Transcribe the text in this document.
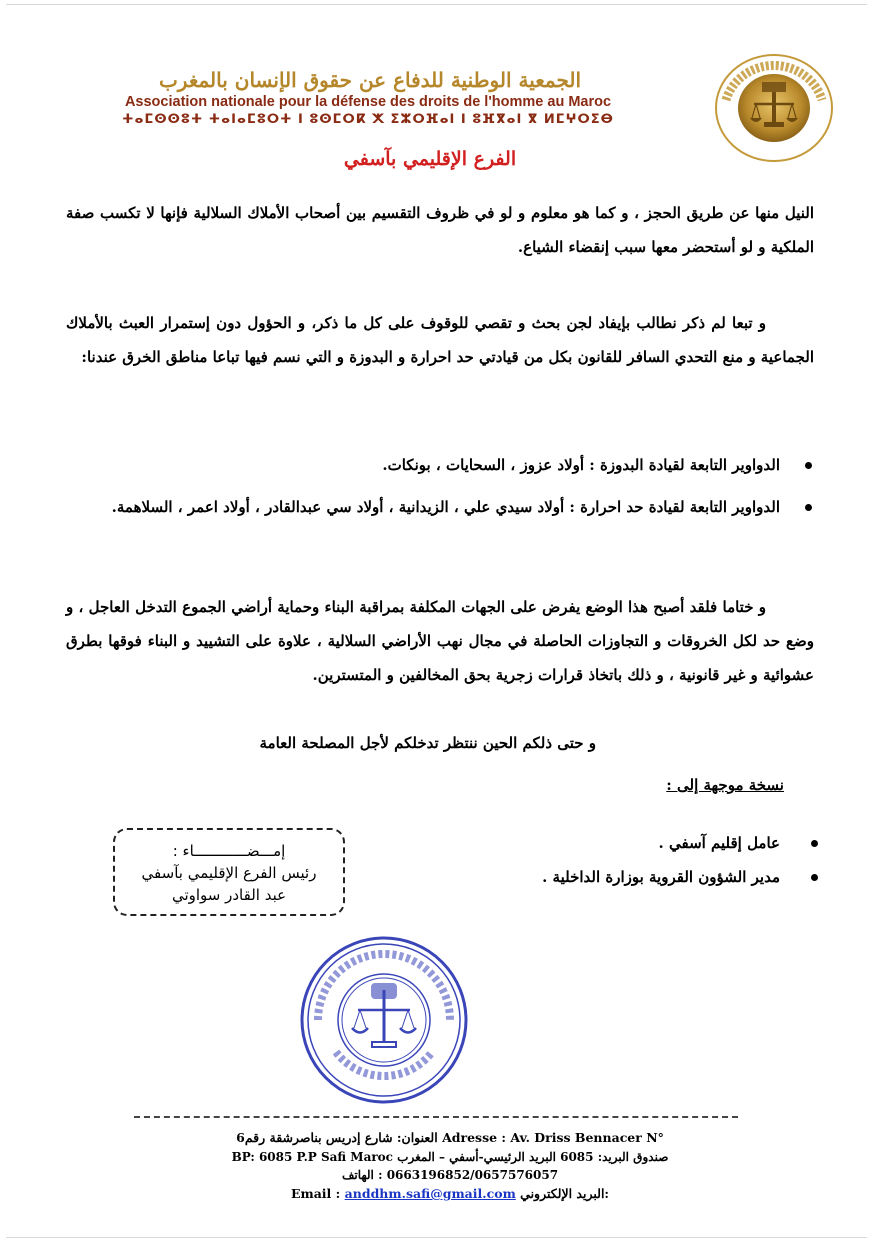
الجمعية الوطنية للدفاع عن حقوق الإنسان بالمغرب
Association nationale pour la défense des droits de l'homme au Maroc
ⵜⴰⵎⵙⵙⵓⵜ ⵜⴰⵏⴰⵎⵓⵔⵜ ⵏ ⵓⵙⵎⵔⴽ ⵅ ⵉⵣⵔⴼⴰⵏ ⵏ ⵓⴼⴳⴰⵏ ⴳ ⵍⵎⵖⵔⵉⴱ
الفرع الإقليمي بآسفي
النيل منها عن طريق الحجز ، و كما هو معلوم و لو في ظروف التقسيم بين أصحاب الأملاك السلالية فإنها لا تكسب صفة الملكية و لو أستحضر معها سبب إنقضاء الشياع.
و تبعا لم ذكر نطالب بإيفاد لجن بحث و تقصي للوقوف على كل ما ذكر، و الحؤول دون إستمرار العبث بالأملاك الجماعية و منع التحدي السافر للقانون بكل من قيادتي حد احرارة و البدوزة و التي نسم فيها تباعا مناطق الخرق عندنا:
الدواوير التابعة لقيادة البدوزة : أولاد عزوز ، السحايات ، بونكات.
الدواوير التابعة لقيادة حد احرارة : أولاد سيدي علي ، الزيدانية ، أولاد سي عبدالقادر ، أولاد اعمر ، السلاهمة.
و ختاما فلقد أصبح هذا الوضع يفرض على الجهات المكلفة بمراقبة البناء وحماية أراضي الجموع التدخل العاجل ، و وضع حد لكل الخروقات و التجاوزات الحاصلة في مجال نهب الأراضي السلالية ، علاوة على التشييد و البناء فوقها بطرق عشوائية و غير قانونية ، و ذلك باتخاذ قرارات زجرية بحق المخالفين و المتسترين.
و حتى ذلكم الحين ننتظر تدخلكم لأجل المصلحة العامة
نسخة موجهة إلى :
عامل إقليم آسفي .
مدير الشؤون القروية بوزارة الداخلية .
إمـــضــــــــــــاء :
رئيس الفرع الإقليمي بآسفي
عبد القادر سواوتي
العنوان: شارع إدريس بناصرشقة رقم6 Adresse : Av. Driss Bennacer N°
BP: 6085 P.P Safi Maroc صندوق البريد: 6085 البريد الرئيسي-أسفي – المغرب
الهاتف : 0663196852/0657576057
Email : anddhm.safi@gmail.com البريد الإلكتروني:
